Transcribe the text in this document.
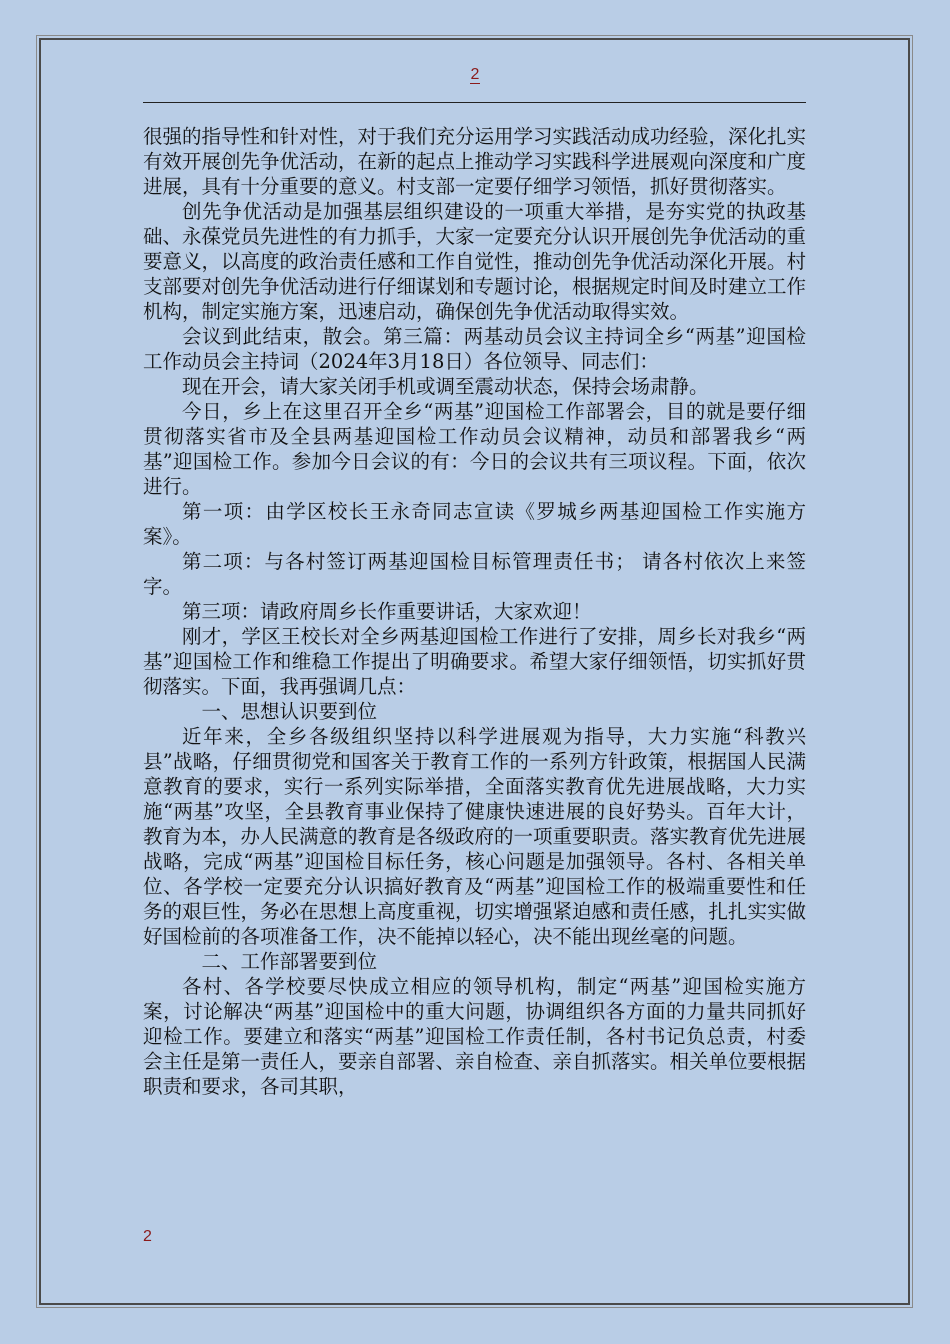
2

很强的指导性和针对性，对于我们充分运用学习实践活动成功经验，深化扎实有效开展创先争优活动，在新的起点上推动学习实践科学进展观向深度和广度进展，具有十分重要的意义。村支部一定要仔细学习领悟，抓好贯彻落实。

创先争优活动是加强基层组织建设的一项重大举措，是夯实党的执政基础、永葆党员先进性的有力抓手，大家一定要充分认识开展创先争优活动的重要意义，以高度的政治责任感和工作自觉性，推动创先争优活动深化开展。村支部要对创先争优活动进行仔细谋划和专题讨论，根据规定时间及时建立工作机构，制定实施方案，迅速启动，确保创先争优活动取得实效。

会议到此结束，散会。第三篇：两基动员会议主持词全乡“两基”迎国检工作动员会主持词（2024年3月18日）各位领导、同志们：

现在开会，请大家关闭手机或调至震动状态，保持会场肃静。

今日，乡上在这里召开全乡“两基”迎国检工作部署会，目的就是要仔细贯彻落实省市及全县两基迎国检工作动员会议精神，动员和部署我乡“两基”迎国检工作。参加今日会议的有：今日的会议共有三项议程。下面，依次进行。

第一项：由学区校长王永奇同志宣读《罗城乡两基迎国检工作实施方案》。

第二项：与各村签订两基迎国检目标管理责任书； 请各村依次上来签字。

第三项：请政府周乡长作重要讲话，大家欢迎！

刚才，学区王校长对全乡两基迎国检工作进行了安排，周乡长对我乡“两基”迎国检工作和维稳工作提出了明确要求。希望大家仔细领悟，切实抓好贯彻落实。下面，我再强调几点：

一、思想认识要到位

近年来，全乡各级组织坚持以科学进展观为指导，大力实施“科教兴县”战略，仔细贯彻党和国客关于教育工作的一系列方针政策，根据国人民满意教育的要求，实行一系列实际举措，全面落实教育优先进展战略，大力实施“两基”攻坚，全县教育事业保持了健康快速进展的良好势头。百年大计，教育为本，办人民满意的教育是各级政府的一项重要职责。落实教育优先进展战略，完成“两基”迎国检目标任务，核心问题是加强领导。各村、各相关单位、各学校一定要充分认识搞好教育及“两基”迎国检工作的极端重要性和任务的艰巨性，务必在思想上高度重视，切实增强紧迫感和责任感，扎扎实实做好国检前的各项准备工作，决不能掉以轻心，决不能出现丝毫的问题。

二、工作部署要到位

各村、各学校要尽快成立相应的领导机构，制定“两基”迎国检实施方案，讨论解决“两基”迎国检中的重大问题，协调组织各方面的力量共同抓好迎检工作。要建立和落实“两基”迎国检工作责任制，各村书记负总责，村委会主任是第一责任人，要亲自部署、亲自检查、亲自抓落实。相关单位要根据职责和要求，各司其职，

2
